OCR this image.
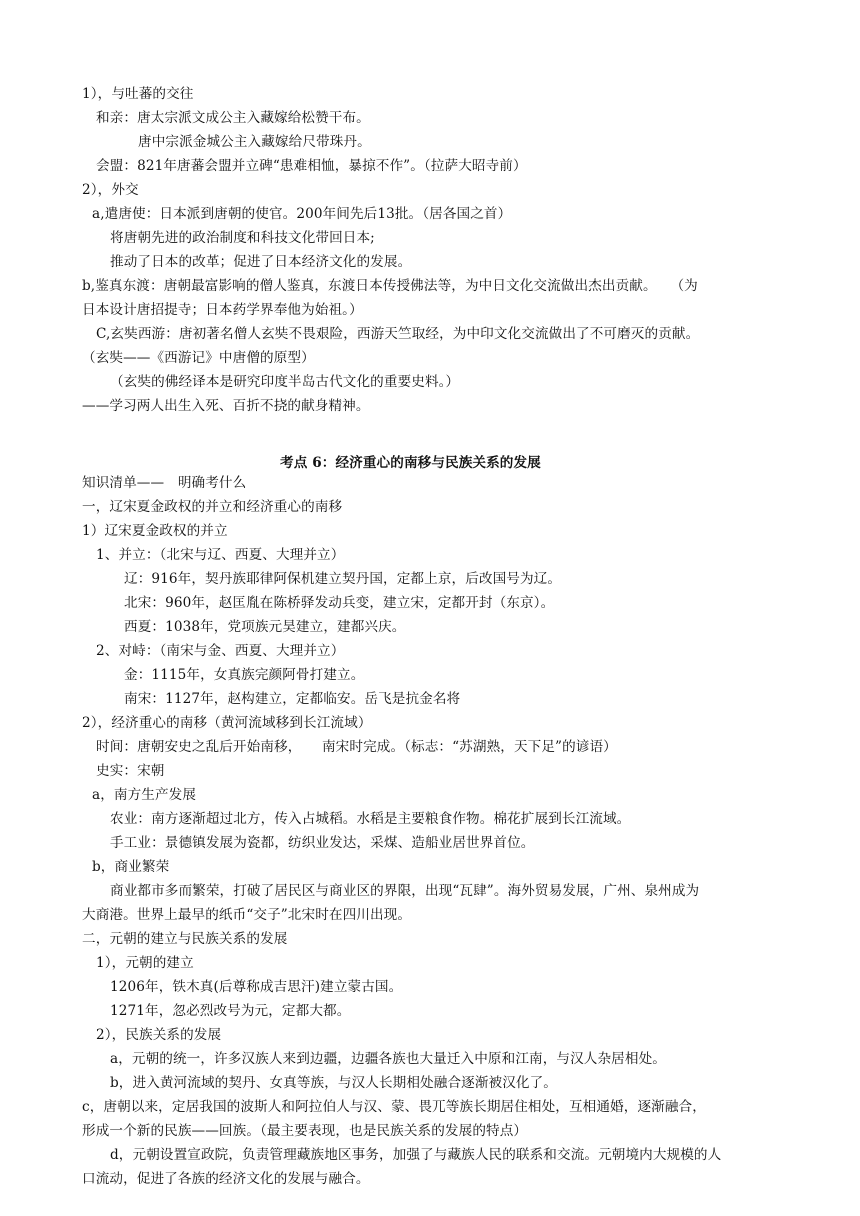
1），与吐蕃的交往
和亲：唐太宗派文成公主入藏嫁给松赞干布。
唐中宗派金城公主入藏嫁给尺带珠丹。
会盟：821年唐蕃会盟并立碑“患难相恤，暴掠不作”。（拉萨大昭寺前）
2），外交
a,遣唐使：日本派到唐朝的使官。200年间先后13批。（居各国之首）
将唐朝先进的政治制度和科技文化带回日本;
推动了日本的改革；促进了日本经济文化的发展。
b,鉴真东渡：唐朝最富影响的僧人鉴真，东渡日本传授佛法等，为中日文化交流做出杰出贡献。　　（为
日本设计唐招提寺；日本药学界奉他为始祖。）
C,玄奘西游：唐初著名僧人玄奘不畏艰险，西游天竺取经，为中印文化交流做出了不可磨灭的贡献。
（玄奘——《西游记》中唐僧的原型）
（玄奘的佛经译本是研究印度半岛古代文化的重要史料。）
——学习两人出生入死、百折不挠的献身精神。
考点 6：经济重心的南移与民族关系的发展
知识清单——　明确考什么
一，辽宋夏金政权的并立和经济重心的南移
1）辽宋夏金政权的并立
1、并立：（北宋与辽、西夏、大理并立）
辽：916年，契丹族耶律阿保机建立契丹国，定都上京，后改国号为辽。
北宋：960年，赵匡胤在陈桥驿发动兵变，建立宋，定都开封（东京）。
西夏：1038年，党项族元昊建立，建都兴庆。
2、对峙：（南宋与金、西夏、大理并立）
金：1115年，女真族完颜阿骨打建立。
南宋：1127年，赵构建立，定都临安。岳飞是抗金名将
2），经济重心的南移（黄河流域移到长江流域）
时间：唐朝安史之乱后开始南移，　　南宋时完成。（标志：“苏湖熟，天下足”的谚语）
史实：宋朝
a，南方生产发展
农业：南方逐渐超过北方，传入占城稻。水稻是主要粮食作物。棉花扩展到长江流域。
手工业：景德镇发展为瓷都，纺织业发达，采煤、造船业居世界首位。
b，商业繁荣
商业都市多而繁荣，打破了居民区与商业区的界限，出现“瓦肆”。海外贸易发展，广州、泉州成为
大商港。世界上最早的纸币“交子”北宋时在四川出现。
二，元朝的建立与民族关系的发展
1），元朝的建立
1206年，铁木真(后尊称成吉思汗)建立蒙古国。
1271年，忽必烈改号为元，定都大都。
2），民族关系的发展
a，元朝的统一，许多汉族人来到边疆，边疆各族也大量迁入中原和江南，与汉人杂居相处。
b，进入黄河流域的契丹、女真等族，与汉人长期相处融合逐渐被汉化了。
c，唐朝以来，定居我国的波斯人和阿拉伯人与汉、蒙、畏兀等族长期居住相处，互相通婚，逐渐融合，
形成一个新的民族——回族。（最主要表现，也是民族关系的发展的特点）
d，元朝设置宣政院，负责管理藏族地区事务，加强了与藏族人民的联系和交流。元朝境内大规模的人
口流动，促进了各族的经济文化的发展与融合。
